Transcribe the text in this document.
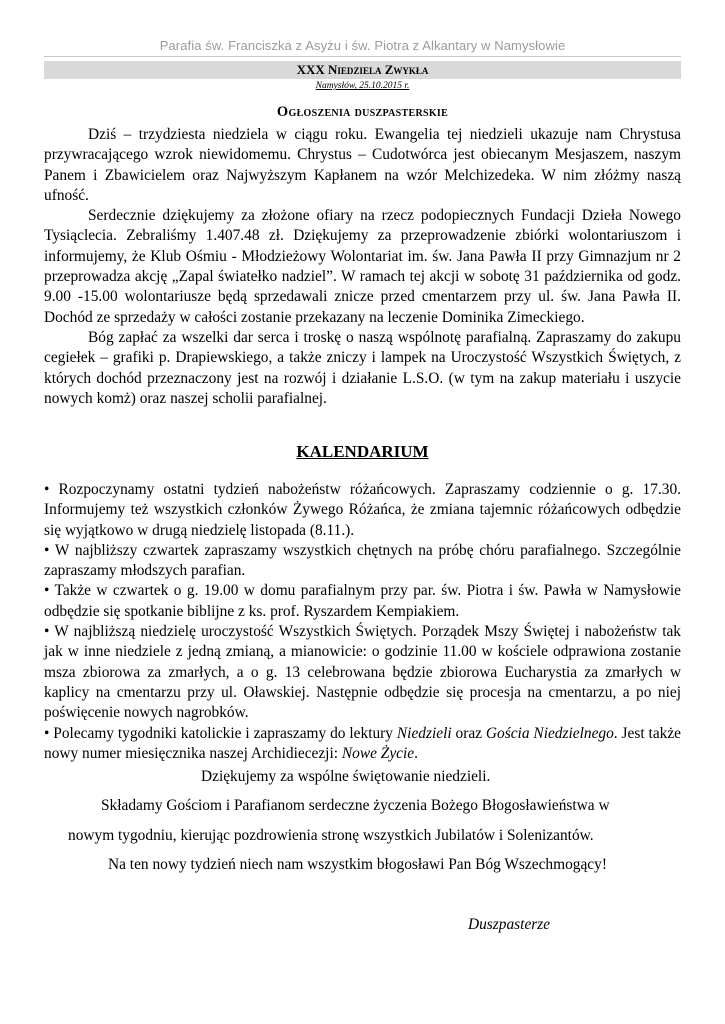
Parafia św. Franciszka z Asyżu i św. Piotra z Alkantary w Namysłowie
XXX Niedziela Zwykła
Namysłów, 25.10.2015 r.
Ogłoszenia duszpasterskie

Dziś – trzydziesta niedziela w ciągu roku. Ewangelia tej niedzieli ukazuje nam Chrystusa przywracającego wzrok niewidomemu. Chrystus – Cudotwórca jest obiecanym Mesjaszem, naszym Panem i Zbawicielem oraz Najwyższym Kapłanem na wzór Melchizedeka. W nim złóżmy naszą ufność.

Serdecznie dziękujemy za złożone ofiary na rzecz podopiecznych Fundacji Dzieła Nowego Tysiąclecia. Zebraliśmy 1.407.48 zł. Dziękujemy za przeprowadzenie zbiórki wolontariuszom i informujemy, że Klub Ośmiu - Młodzieżowy Wolontariat im. św. Jana Pawła II przy Gimnazjum nr 2 przeprowadza akcję „Zapal światełko nadziel”. W ramach tej akcji w sobotę 31 października od godz. 9.00 -15.00 wolontariusze będą sprzedawali znicze przed cmentarzem przy ul. św. Jana Pawła II. Dochód ze sprzedaży w całości zostanie przekazany na leczenie Dominika Zimeckiego.

Bóg zapłać za wszelki dar serca i troskę o naszą wspólnotę parafialną. Zapraszamy do zakupu cegiełek – grafiki p. Drapiewskiego, a także zniczy i lampek na Uroczystość Wszystkich Świętych, z których dochód przeznaczony jest na rozwój i działanie L.S.O. (w tym na zakup materiału i uszycie nowych komż) oraz naszej scholii parafialnej.

KALENDARIUM

• Rozpoczynamy ostatni tydzień nabożeństw różańcowych. Zapraszamy codziennie o g. 17.30. Informujemy też wszystkich członków Żywego Różańca, że zmiana tajemnic różańcowych odbędzie się wyjątkowo w drugą niedzielę listopada (8.11.).

• W najbliższy czwartek zapraszamy wszystkich chętnych na próbę chóru parafialnego. Szczególnie zapraszamy młodszych parafian.

• Także w czwartek o g. 19.00 w domu parafialnym przy par. św. Piotra i św. Pawła w Namysłowie odbędzie się spotkanie biblijne z ks. prof. Ryszardem Kempiakiem.

• W najbliższą niedzielę uroczystość Wszystkich Świętych. Porządek Mszy Świętej i nabożeństw tak jak w inne niedziele z jedną zmianą, a mianowicie: o godzinie 11.00 w kościele odprawiona zostanie msza zbiorowa za zmarłych, a o g. 13 celebrowana będzie zbiorowa Eucharystia za zmarłych w kaplicy na cmentarzu przy ul. Oławskiej. Następnie odbędzie się procesja na cmentarzu, a po niej poświęcenie nowych nagrobków.

• Polecamy tygodniki katolickie i zapraszamy do lektury Niedzieli oraz Gościa Niedzielnego. Jest także nowy numer miesięcznika naszej Archidiecezji: Nowe Życie.

Dziękujemy za wspólne świętowanie niedzieli.
Składamy Gościom i Parafianom serdeczne życzenia Bożego Błogosławieństwa w
nowym tygodniu, kierując pozdrowienia stronę wszystkich Jubilatów i Solenizantów.
Na ten nowy tydzień niech nam wszystkim błogosławi Pan Bóg Wszechmogący!
Duszpasterze
